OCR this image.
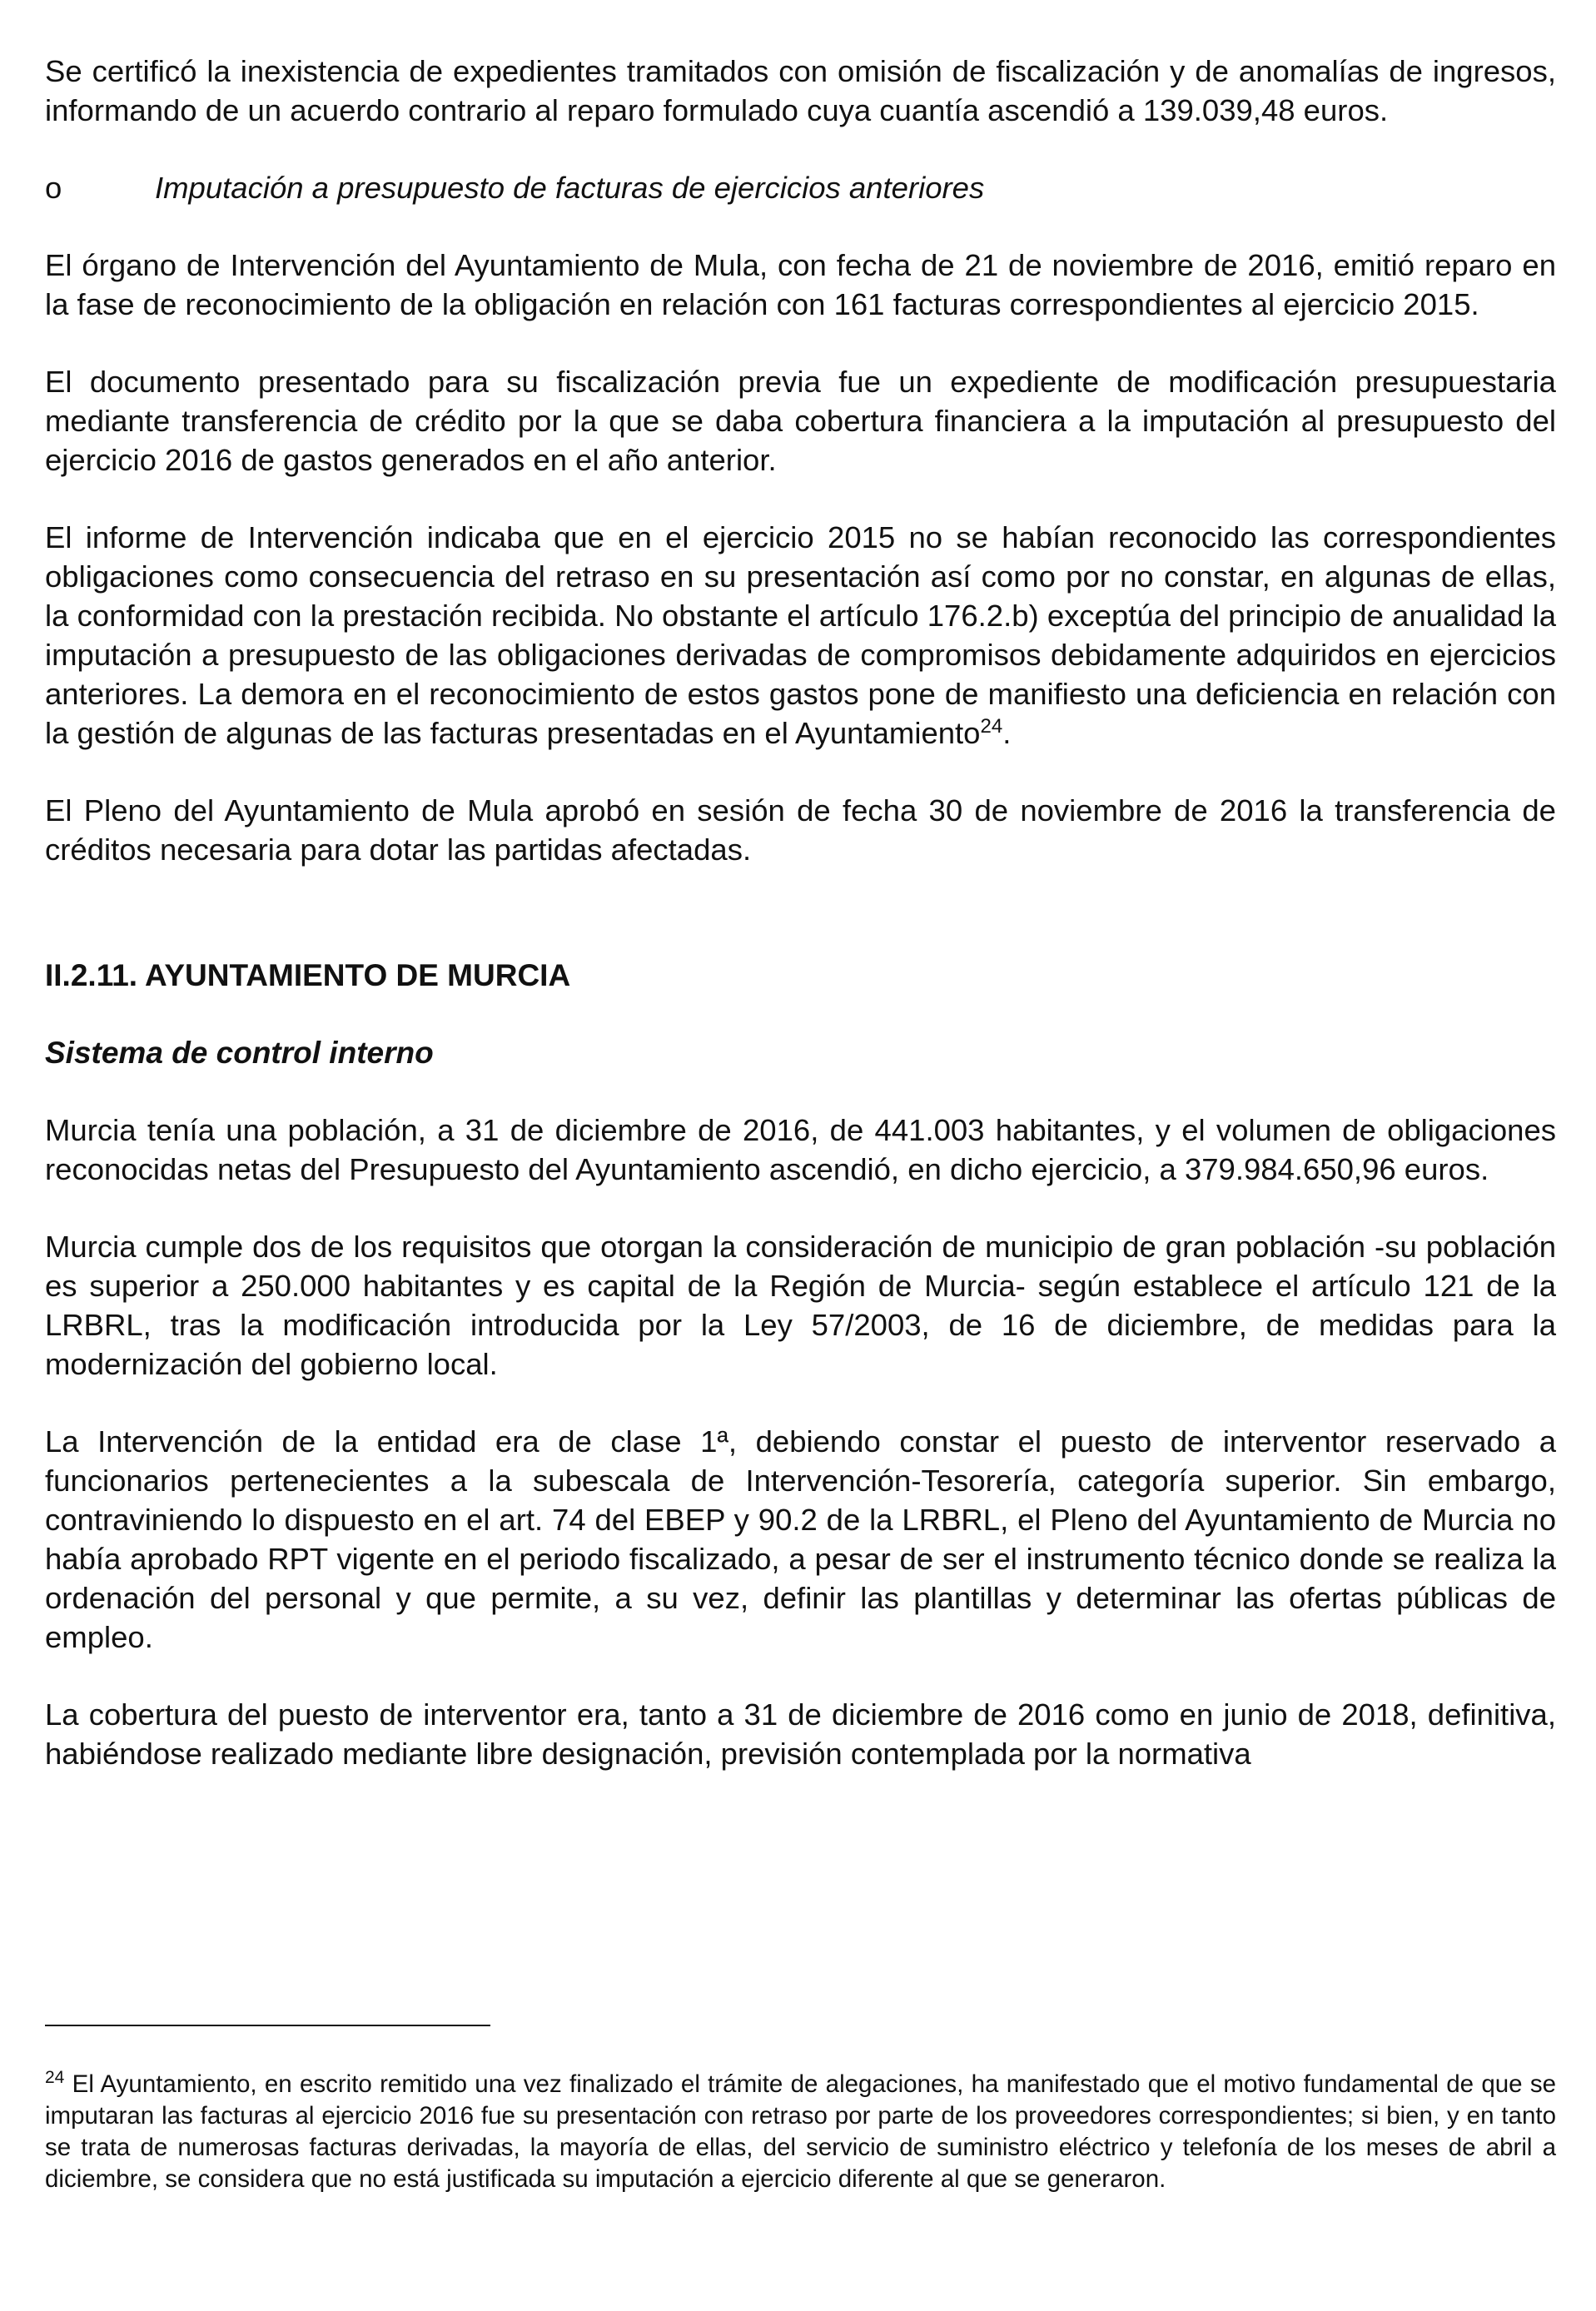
Se certificó la inexistencia de expedientes tramitados con omisión de fiscalización y de anomalías de ingresos, informando de un acuerdo contrario al reparo formulado cuya cuantía ascendió a 139.039,48 euros.

o	Imputación a presupuesto de facturas de ejercicios anteriores

El órgano de Intervención del Ayuntamiento de Mula, con fecha de 21 de noviembre de 2016, emitió reparo en la fase de reconocimiento de la obligación en relación con 161 facturas correspondientes al ejercicio 2015.

El documento presentado para su fiscalización previa fue un expediente de modificación presupuestaria mediante transferencia de crédito por la que se daba cobertura financiera a la imputación al presupuesto del ejercicio 2016 de gastos generados en el año anterior.

El informe de Intervención indicaba que en el ejercicio 2015 no se habían reconocido las correspondientes obligaciones como consecuencia del retraso en su presentación así como por no constar, en algunas de ellas, la conformidad con la prestación recibida. No obstante el artículo 176.2.b) exceptúa del principio de anualidad la imputación a presupuesto de las obligaciones derivadas de compromisos debidamente adquiridos en ejercicios anteriores. La demora en el reconocimiento de estos gastos pone de manifiesto una deficiencia en relación con la gestión de algunas de las facturas presentadas en el Ayuntamiento$^{24}$.

El Pleno del Ayuntamiento de Mula aprobó en sesión de fecha 30 de noviembre de 2016 la transferencia de créditos necesaria para dotar las partidas afectadas.

II.2.11. AYUNTAMIENTO DE MURCIA
Sistema de control interno

Murcia tenía una población, a 31 de diciembre de 2016, de 441.003 habitantes, y el volumen de obligaciones reconocidas netas del Presupuesto del Ayuntamiento ascendió, en dicho ejercicio, a 379.984.650,96 euros.

Murcia cumple dos de los requisitos que otorgan la consideración de municipio de gran población -su población es superior a 250.000 habitantes y es capital de la Región de Murcia- según establece el artículo 121 de la LRBRL, tras la modificación introducida por la Ley 57/2003, de 16 de diciembre, de medidas para la modernización del gobierno local.

La Intervención de la entidad era de clase 1ª, debiendo constar el puesto de interventor reservado a funcionarios pertenecientes a la subescala de Intervención-Tesorería, categoría superior. Sin embargo, contraviniendo lo dispuesto en el art. 74 del EBEP y 90.2 de la LRBRL, el Pleno del Ayuntamiento de Murcia no había aprobado RPT vigente en el periodo fiscalizado, a pesar de ser el instrumento técnico donde se realiza la ordenación del personal y que permite, a su vez, definir las plantillas y determinar las ofertas públicas de empleo.

La cobertura del puesto de interventor era, tanto a 31 de diciembre de 2016 como en junio de 2018, definitiva, habiéndose realizado mediante libre designación, previsión contemplada por la normativa

$^{24}$ El Ayuntamiento, en escrito remitido una vez finalizado el trámite de alegaciones, ha manifestado que el motivo fundamental de que se imputaran las facturas al ejercicio 2016 fue su presentación con retraso por parte de los proveedores correspondientes; si bien, y en tanto se trata de numerosas facturas derivadas, la mayoría de ellas, del servicio de suministro eléctrico y telefonía de los meses de abril a diciembre, se considera que no está justificada su imputación a ejercicio diferente al que se generaron.
